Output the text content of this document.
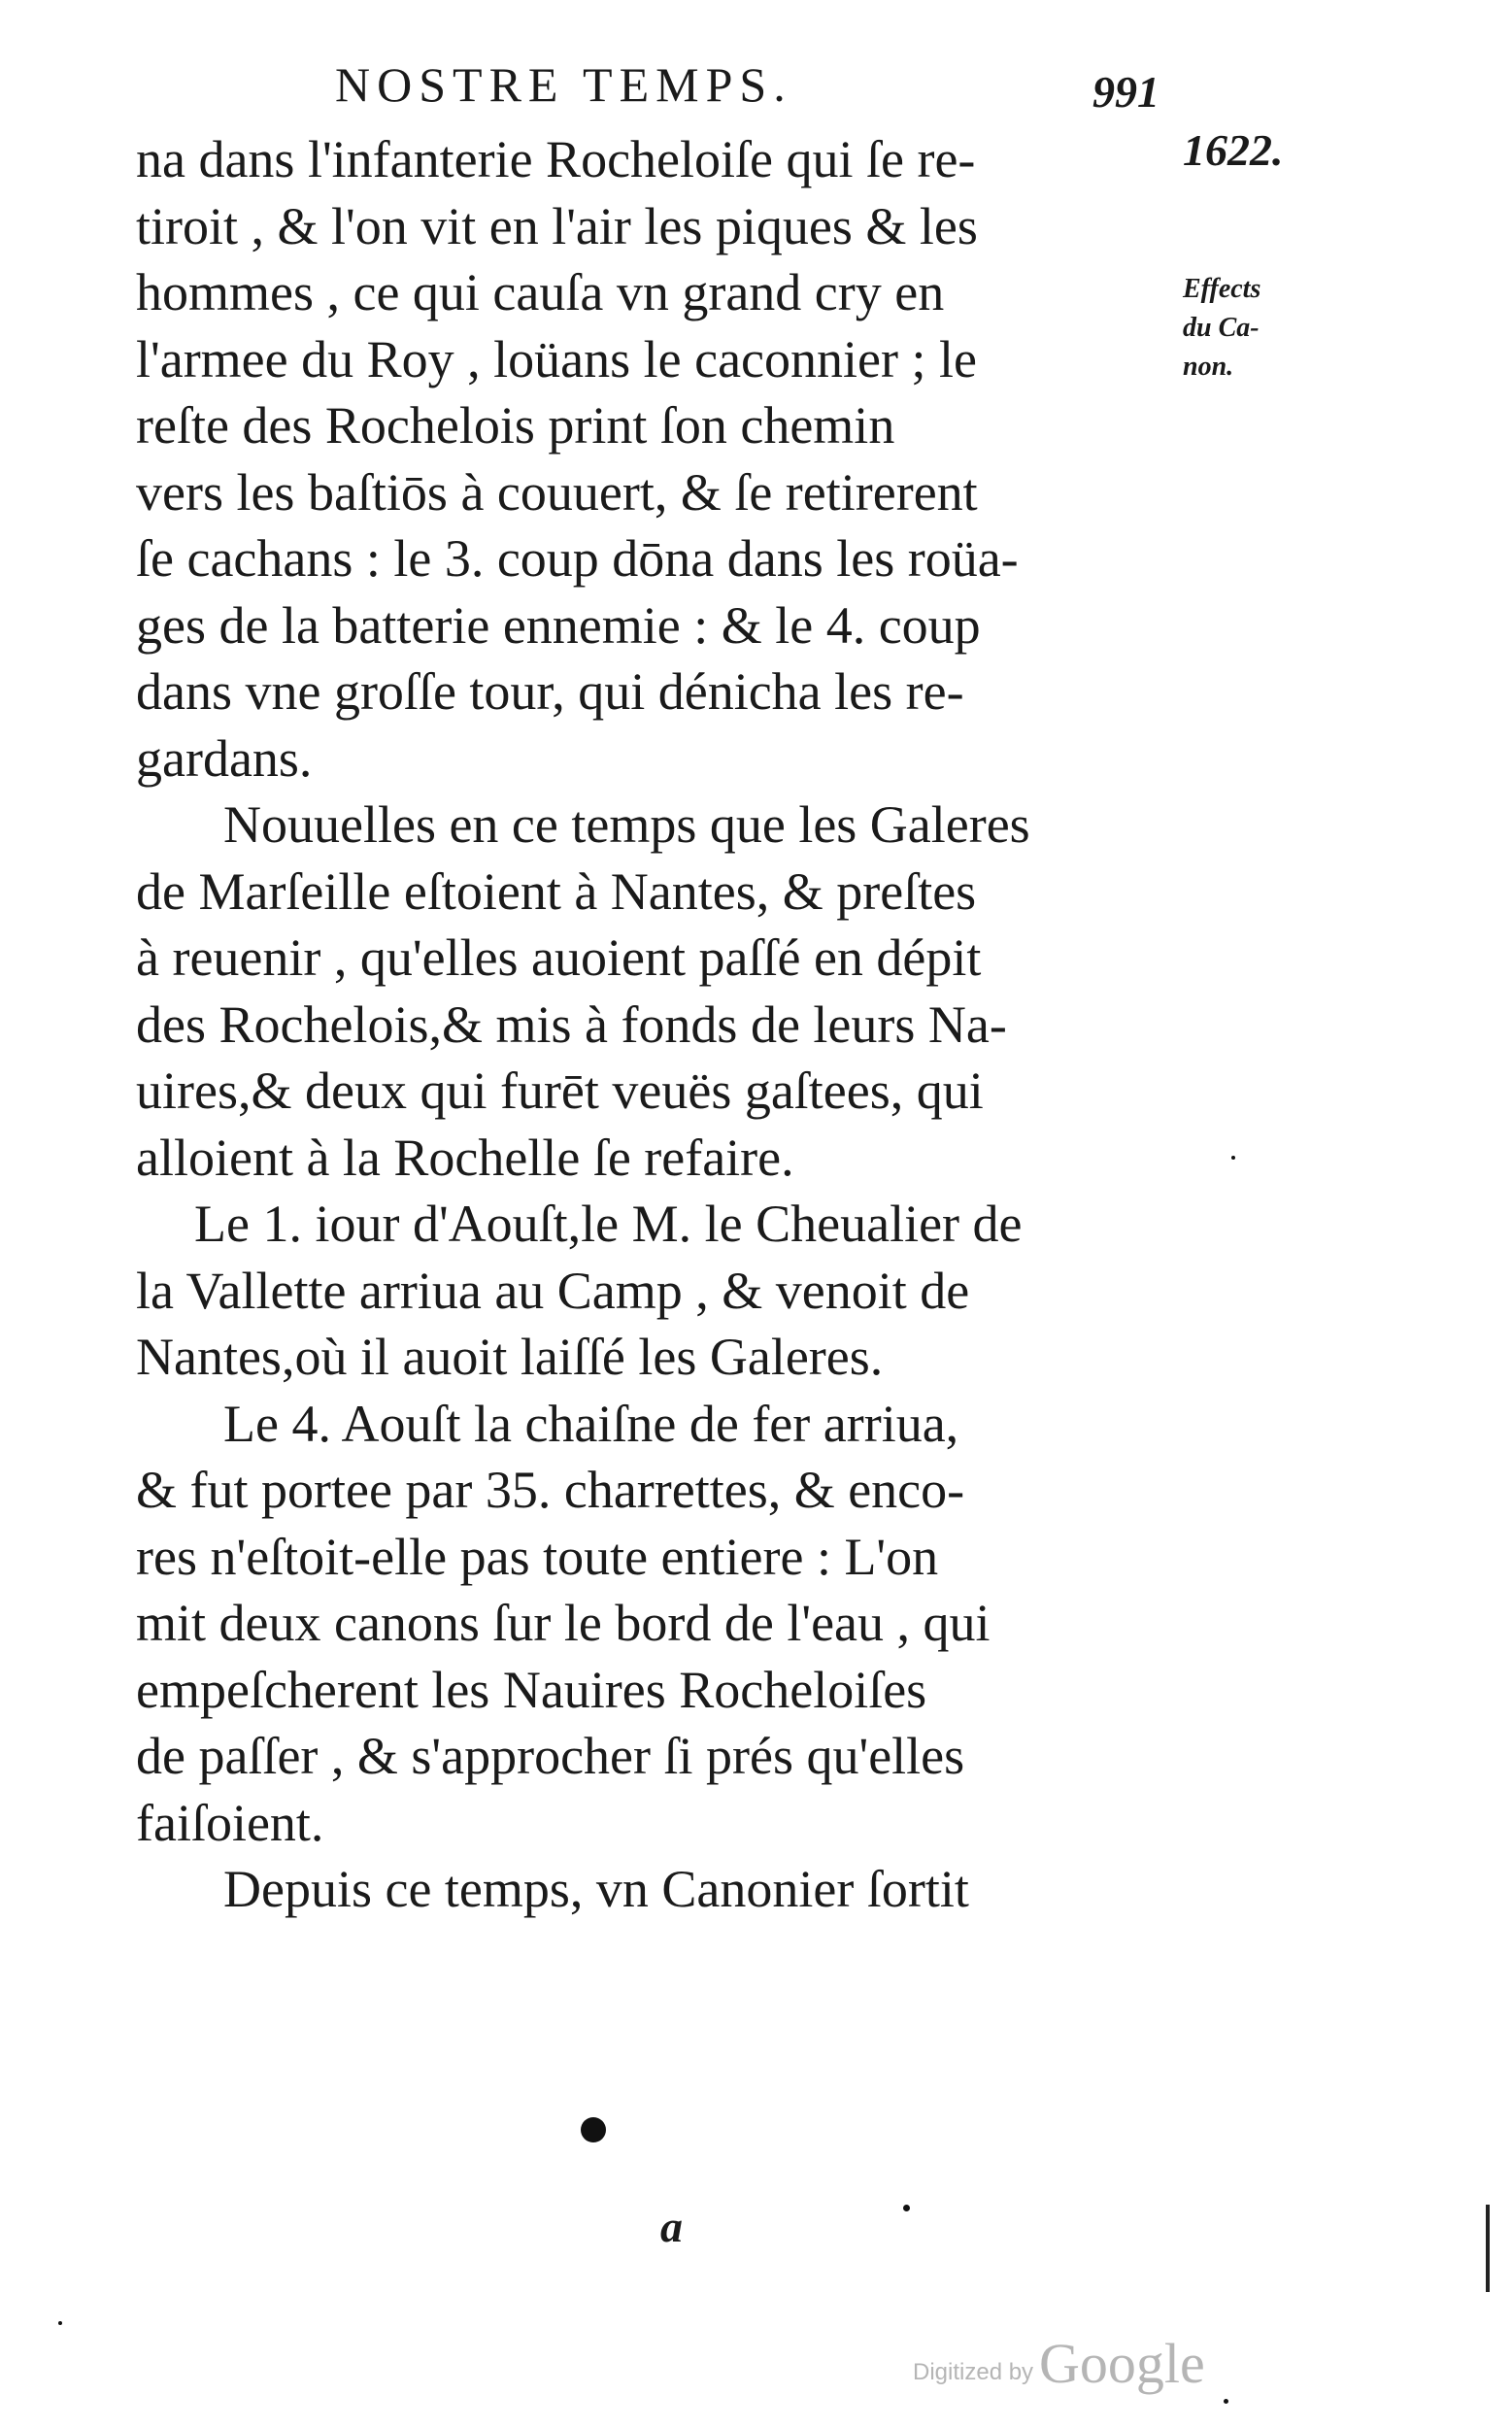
NOSTRE TEMPS.	991
1622.
Effects
du Ca-
non.
na dans l'infanterie Rocheloiſe qui ſe re-
tiroit , & l'on vit en l'air les piques & les
hommes , ce qui cauſa vn grand cry en
l'armee du Roy , loüans le caconnier ; le
reſte des Rochelois print ſon chemin
vers les baſtiōs à couuert, & ſe retirerent
ſe cachans : le 3. coup dōna dans les roüa-
ges de la batterie ennemie : & le 4. coup
dans vne groſſe tour, qui dénicha les re-
gardans.
Nouuelles en ce temps que les Galeres
de Marſeille eſtoient à Nantes, & preſtes
à reuenir , qu'elles auoient paſſé en dépit
des Rochelois,& mis à fonds de leurs Na-
uires,& deux qui furēt veuës gaſtees, qui
alloient à la Rochelle ſe refaire.
Le 1. iour d'Aouſt,le M. le Cheualier de
la Vallette arriua au Camp , & venoit de
Nantes,où il auoit laiſſé les Galeres.
Le 4. Aouſt la chaiſne de fer arriua,
& fut portee par 35. charrettes, & enco-
res n'eſtoit-elle pas toute entiere : L'on
mit deux canons ſur le bord de l'eau , qui
empeſcherent les Nauires Rocheloiſes
de paſſer , & s'approcher ſi prés qu'elles
faiſoient.
Depuis ce temps, vn Canonier ſortit
ɑ
Digitized by Google
